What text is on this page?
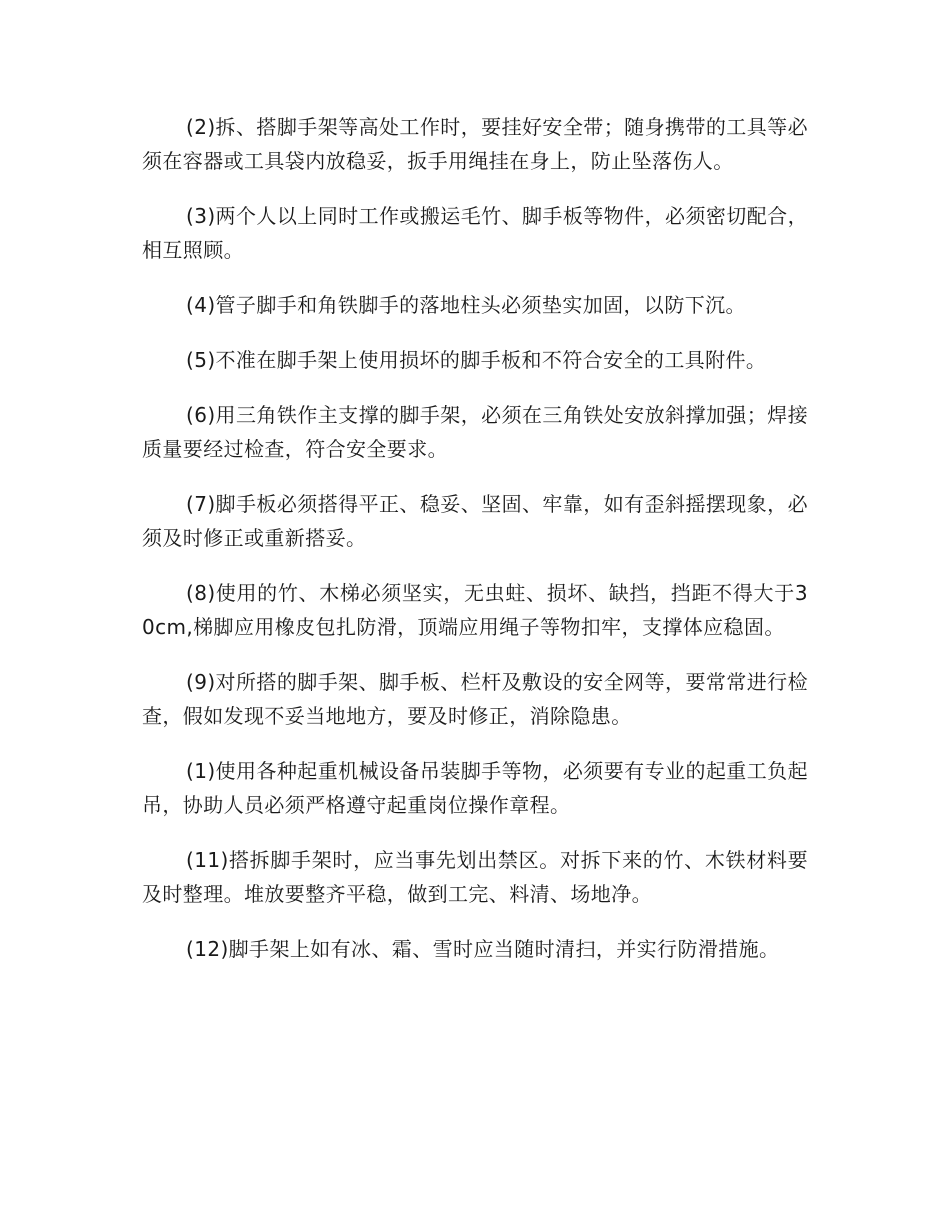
(2)拆、搭脚手架等高处工作时，要挂好安全带；随身携带的工具等必须在容器或工具袋内放稳妥，扳手用绳挂在身上，防止坠落伤人。

(3)两个人以上同时工作或搬运毛竹、脚手板等物件，必须密切配合，相互照顾。

(4)管子脚手和角铁脚手的落地柱头必须垫实加固，以防下沉。

(5)不准在脚手架上使用损坏的脚手板和不符合安全的工具附件。

(6)用三角铁作主支撑的脚手架，必须在三角铁处安放斜撑加强；焊接质量要经过检查，符合安全要求。

(7)脚手板必须搭得平正、稳妥、坚固、牢靠，如有歪斜摇摆现象，必须及时修正或重新搭妥。

(8)使用的竹、木梯必须坚实，无虫蛀、损坏、缺挡，挡距不得大于30cm,梯脚应用橡皮包扎防滑，顶端应用绳子等物扣牢，支撑体应稳固。

(9)对所搭的脚手架、脚手板、栏杆及敷设的安全网等，要常常进行检查，假如发现不妥当地地方，要及时修正，消除隐患。

(1)使用各种起重机械设备吊装脚手等物，必须要有专业的起重工负起吊，协助人员必须严格遵守起重岗位操作章程。

(11)搭拆脚手架时，应当事先划出禁区。对拆下来的竹、木铁材料要及时整理。堆放要整齐平稳，做到工完、料清、场地净。

(12)脚手架上如有冰、霜、雪时应当随时清扫，并实行防滑措施。
